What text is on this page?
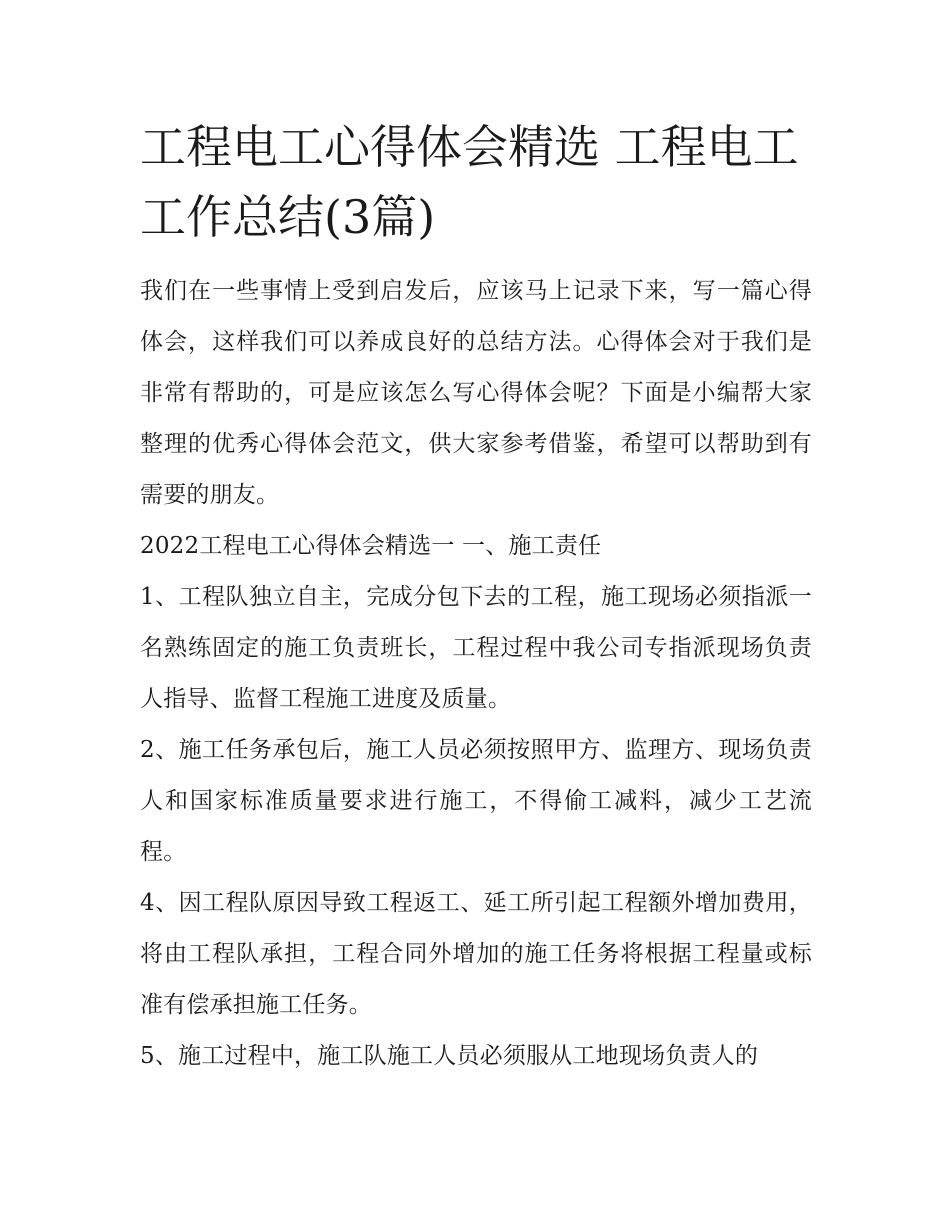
工程电工心得体会精选 工程电工工作总结(3篇)

我们在一些事情上受到启发后，应该马上记录下来，写一篇心得体会，这样我们可以养成良好的总结方法。心得体会对于我们是非常有帮助的，可是应该怎么写心得体会呢？下面是小编帮大家整理的优秀心得体会范文，供大家参考借鉴，希望可以帮助到有需要的朋友。

2022工程电工心得体会精选一 一、施工责任

1、工程队独立自主，完成分包下去的工程，施工现场必须指派一名熟练固定的施工负责班长，工程过程中我公司专指派现场负责人指导、监督工程施工进度及质量。

2、施工任务承包后，施工人员必须按照甲方、监理方、现场负责人和国家标准质量要求进行施工，不得偷工减料，减少工艺流程。

4、因工程队原因导致工程返工、延工所引起工程额外增加费用，将由工程队承担，工程合同外增加的施工任务将根据工程量或标准有偿承担施工任务。

5、施工过程中，施工队施工人员必须服从工地现场负责人的
